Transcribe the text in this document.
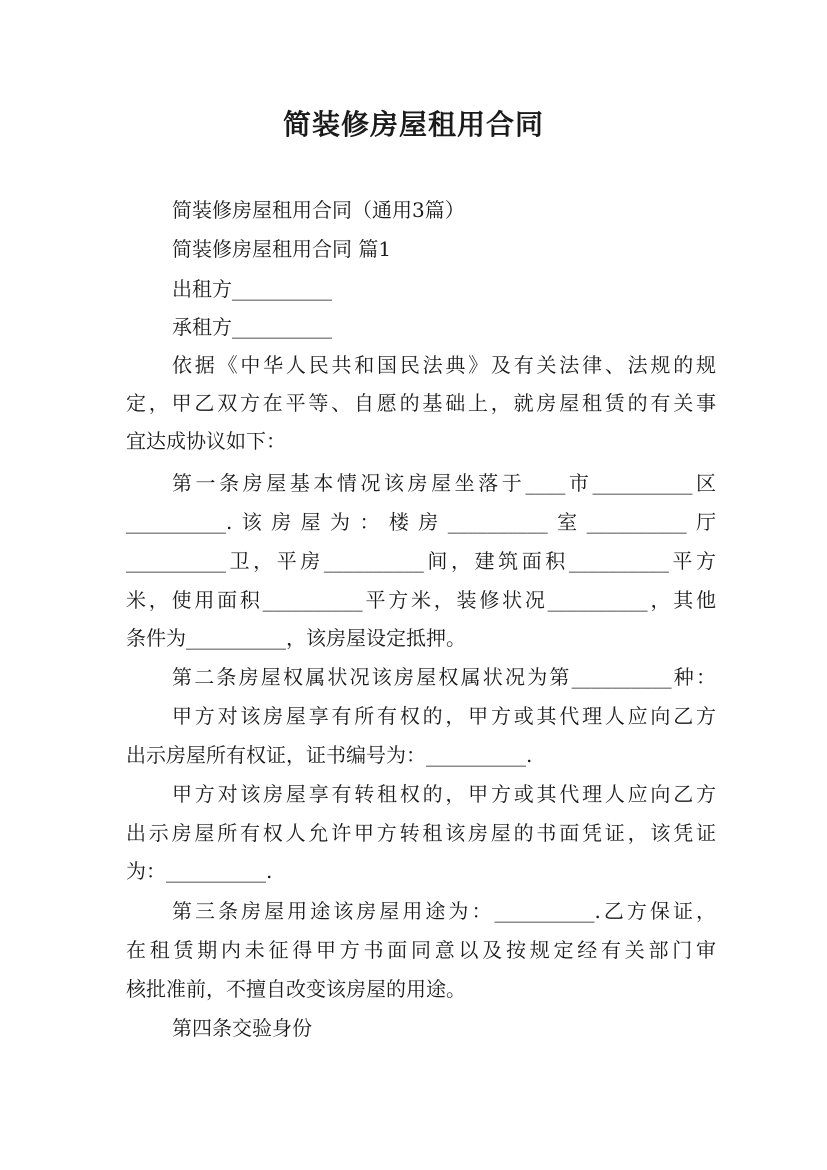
简装修房屋租用合同
简装修房屋租用合同（通用3篇）
简装修房屋租用合同 篇1
出租方__________
承租方__________
依据《中华人民共和国民法典》及有关法律、法规的规
定，甲乙双方在平等、自愿的基础上，就房屋租赁的有关事
宜达成协议如下：
第一条房屋基本情况该房屋坐落于____市__________区
__________.该房屋为：楼房__________室__________厅
__________卫，平房__________间，建筑面积__________平方
米，使用面积__________平方米，装修状况__________，其他
条件为__________，该房屋设定抵押。
第二条房屋权属状况该房屋权属状况为第__________种：
甲方对该房屋享有所有权的，甲方或其代理人应向乙方
出示房屋所有权证，证书编号为：__________.
甲方对该房屋享有转租权的，甲方或其代理人应向乙方
出示房屋所有权人允许甲方转租该房屋的书面凭证，该凭证
为：__________.
第三条房屋用途该房屋用途为：__________.乙方保证，
在租赁期内未征得甲方书面同意以及按规定经有关部门审
核批准前，不擅自改变该房屋的用途。
第四条交验身份
